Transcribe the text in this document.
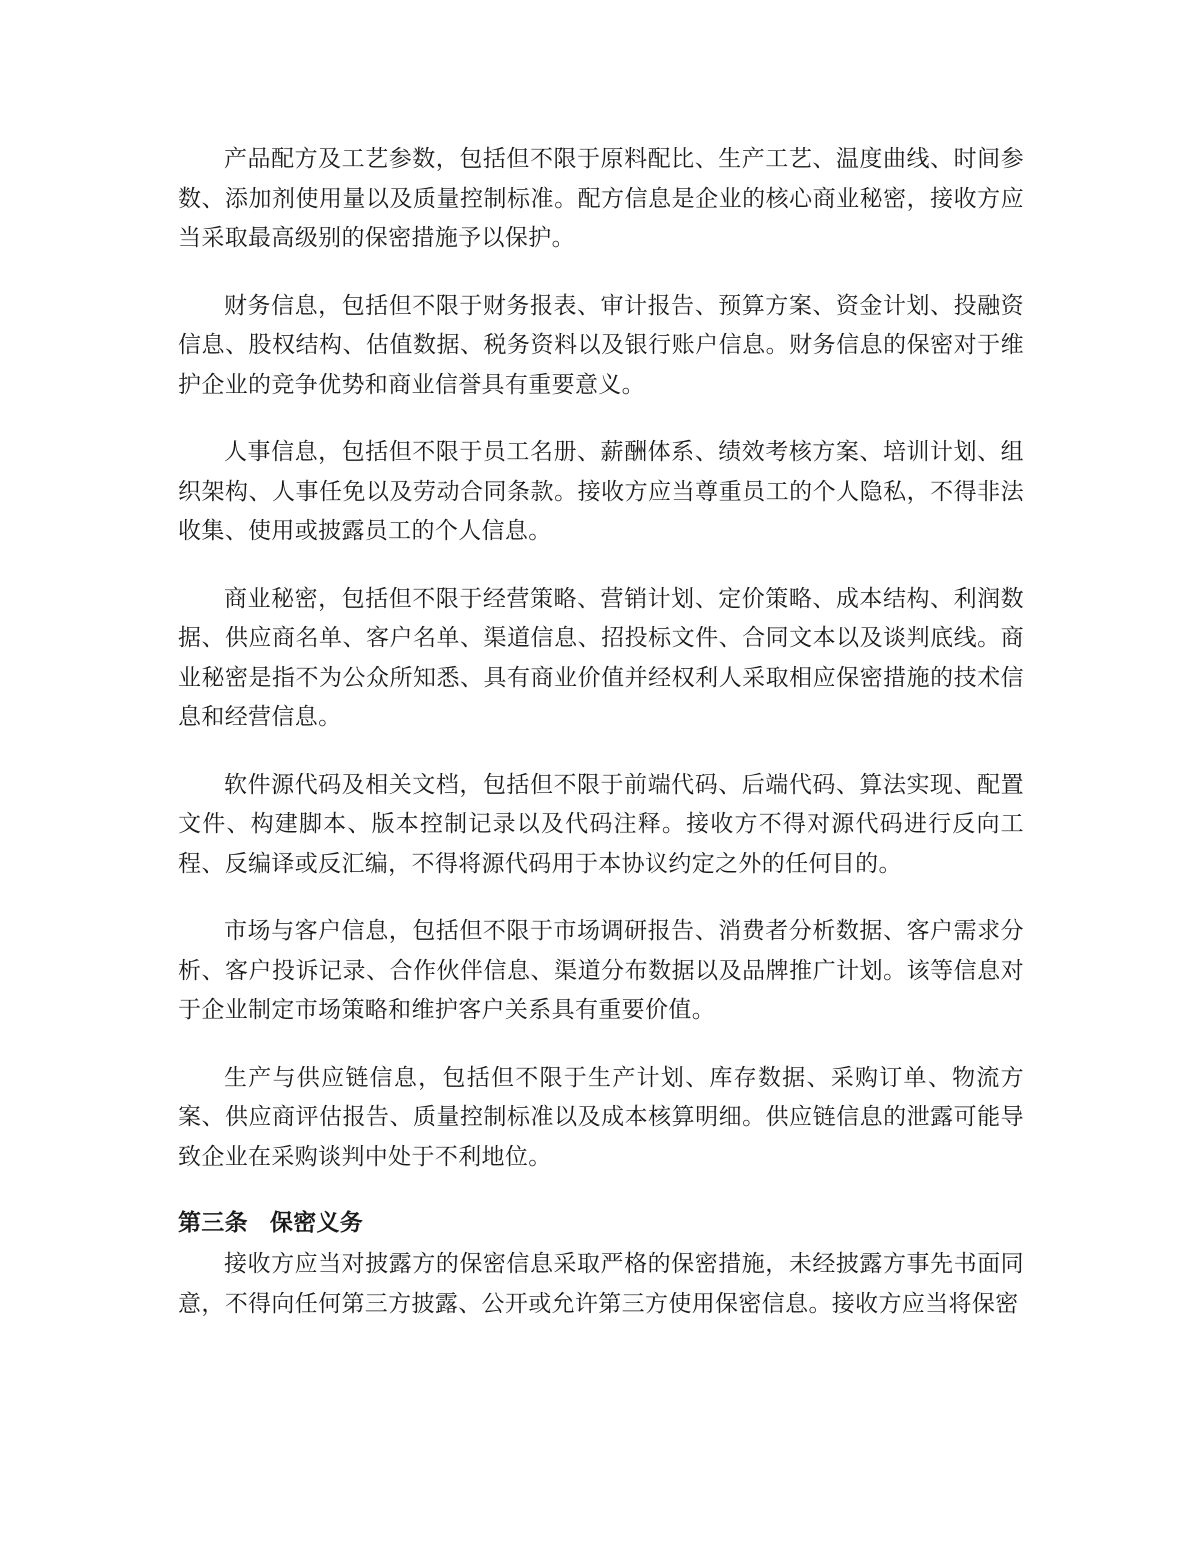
产品配方及工艺参数，包括但不限于原料配比、生产工艺、温度曲线、时间参数、添加剂使用量以及质量控制标准。配方信息是企业的核心商业秘密，接收方应当采取最高级别的保密措施予以保护。

财务信息，包括但不限于财务报表、审计报告、预算方案、资金计划、投融资信息、股权结构、估值数据、税务资料以及银行账户信息。财务信息的保密对于维护企业的竞争优势和商业信誉具有重要意义。

人事信息，包括但不限于员工名册、薪酬体系、绩效考核方案、培训计划、组织架构、人事任免以及劳动合同条款。接收方应当尊重员工的个人隐私，不得非法收集、使用或披露员工的个人信息。

商业秘密，包括但不限于经营策略、营销计划、定价策略、成本结构、利润数据、供应商名单、客户名单、渠道信息、招投标文件、合同文本以及谈判底线。商业秘密是指不为公众所知悉、具有商业价值并经权利人采取相应保密措施的技术信息和经营信息。

软件源代码及相关文档，包括但不限于前端代码、后端代码、算法实现、配置文件、构建脚本、版本控制记录以及代码注释。接收方不得对源代码进行反向工程、反编译或反汇编，不得将源代码用于本协议约定之外的任何目的。

市场与客户信息，包括但不限于市场调研报告、消费者分析数据、客户需求分析、客户投诉记录、合作伙伴信息、渠道分布数据以及品牌推广计划。该等信息对于企业制定市场策略和维护客户关系具有重要价值。

生产与供应链信息，包括但不限于生产计划、库存数据、采购订单、物流方案、供应商评估报告、质量控制标准以及成本核算明细。供应链信息的泄露可能导致企业在采购谈判中处于不利地位。

第三条 保密义务

接收方应当对披露方的保密信息采取严格的保密措施，未经披露方事先书面同意，不得向任何第三方披露、公开或允许第三方使用保密信息。接收方应当将保密
